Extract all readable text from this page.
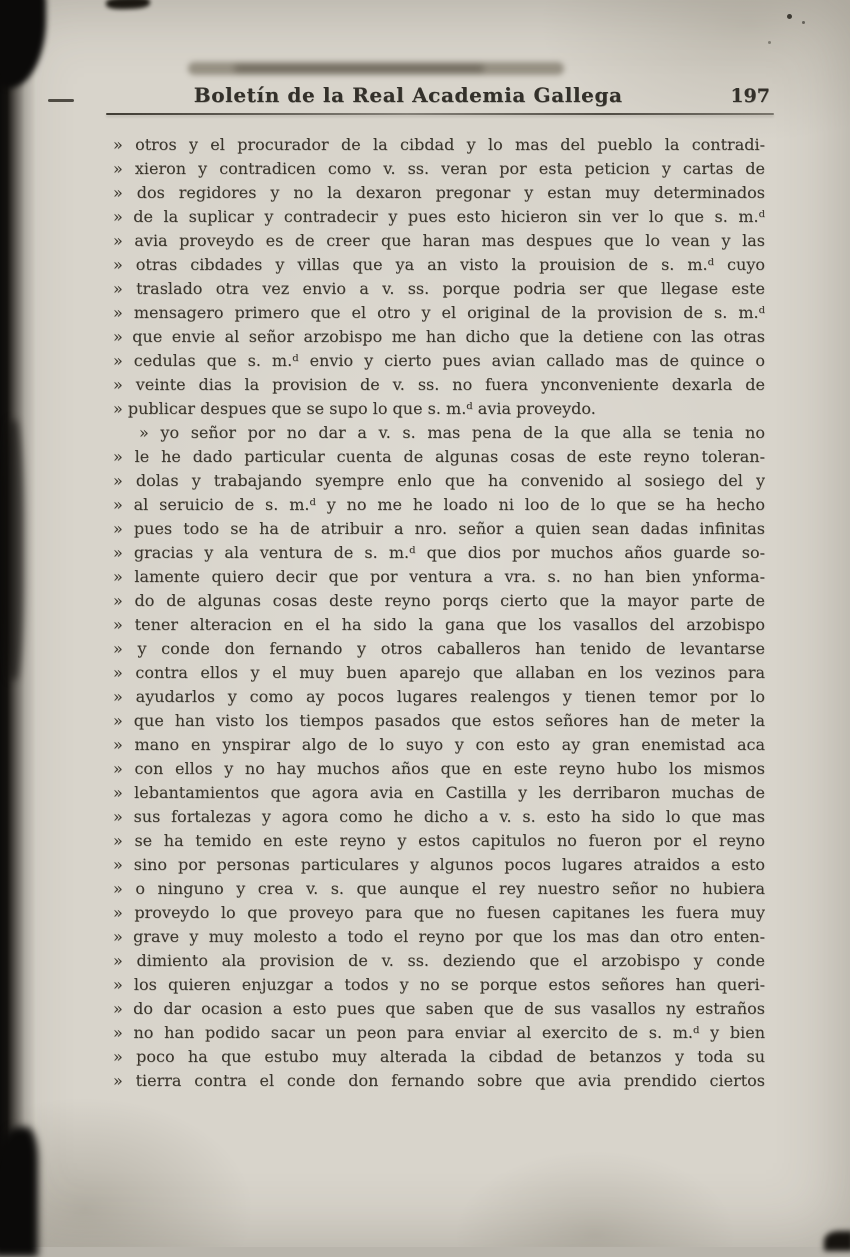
Boletín de la Real Academia Gallega	197
» otros y el procurador de la cibdad y lo mas del pueblo la contradi-
» xieron y contradicen como v. ss. veran por esta peticion y cartas de
» dos regidores y no la dexaron pregonar y estan muy determinados
» de la suplicar y contradecir y pues esto hicieron sin ver lo que s. m.ᵈ
» avia proveydo es de creer que haran mas despues que lo vean y las
» otras cibdades y villas que ya an visto la prouision de s. m.ᵈ cuyo
» traslado otra vez envio a v. ss. porque podria ser que llegase este
» mensagero primero que el otro y el original de la provision de s. m.ᵈ
» que envie al señor arzobispo me han dicho que la detiene con las otras
» cedulas que s. m.ᵈ envio y cierto pues avian callado mas de quince o
» veinte dias la provision de v. ss. no fuera ynconveniente dexarla de
» publicar despues que se supo lo que s. m.ᵈ avia proveydo.
» yo señor por no dar a v. s. mas pena de la que alla se tenia no
» le he dado particular cuenta de algunas cosas de este reyno toleran-
» dolas y trabajando syempre enlo que ha convenido al sosiego del y
» al seruicio de s. m.ᵈ y no me he loado ni loo de lo que se ha hecho
» pues todo se ha de atribuir a nro. señor a quien sean dadas infinitas
» gracias y ala ventura de s. m.ᵈ que dios por muchos años guarde so-
» lamente quiero decir que por ventura a vra. s. no han bien ynforma-
» do de algunas cosas deste reyno porqs cierto que la mayor parte de
» tener alteracion en el ha sido la gana que los vasallos del arzobispo
» y conde don fernando y otros caballeros han tenido de levantarse
» contra ellos y el muy buen aparejo que allaban en los vezinos para
» ayudarlos y como ay pocos lugares realengos y tienen temor por lo
» que han visto los tiempos pasados que estos señores han de meter la
» mano en ynspirar algo de lo suyo y con esto ay gran enemistad aca
» con ellos y no hay muchos años que en este reyno hubo los mismos
» lebantamientos que agora avia en Castilla y les derribaron muchas de
» sus fortalezas y agora como he dicho a v. s. esto ha sido lo que mas
» se ha temido en este reyno y estos capitulos no fueron por el reyno
» sino por personas particulares y algunos pocos lugares atraidos a esto
» o ninguno y crea v. s. que aunque el rey nuestro señor no hubiera
» proveydo lo que proveyo para que no fuesen capitanes les fuera muy
» grave y muy molesto a todo el reyno por que los mas dan otro enten-
» dimiento ala provision de v. ss. deziendo que el arzobispo y conde
» los quieren enjuzgar a todos y no se porque estos señores han queri-
» do dar ocasion a esto pues que saben que de sus vasallos ny estraños
» no han podido sacar un peon para enviar al exercito de s. m.ᵈ y bien
» poco ha que estubo muy alterada la cibdad de betanzos y toda su
» tierra contra el conde don fernando sobre que avia prendido ciertos
